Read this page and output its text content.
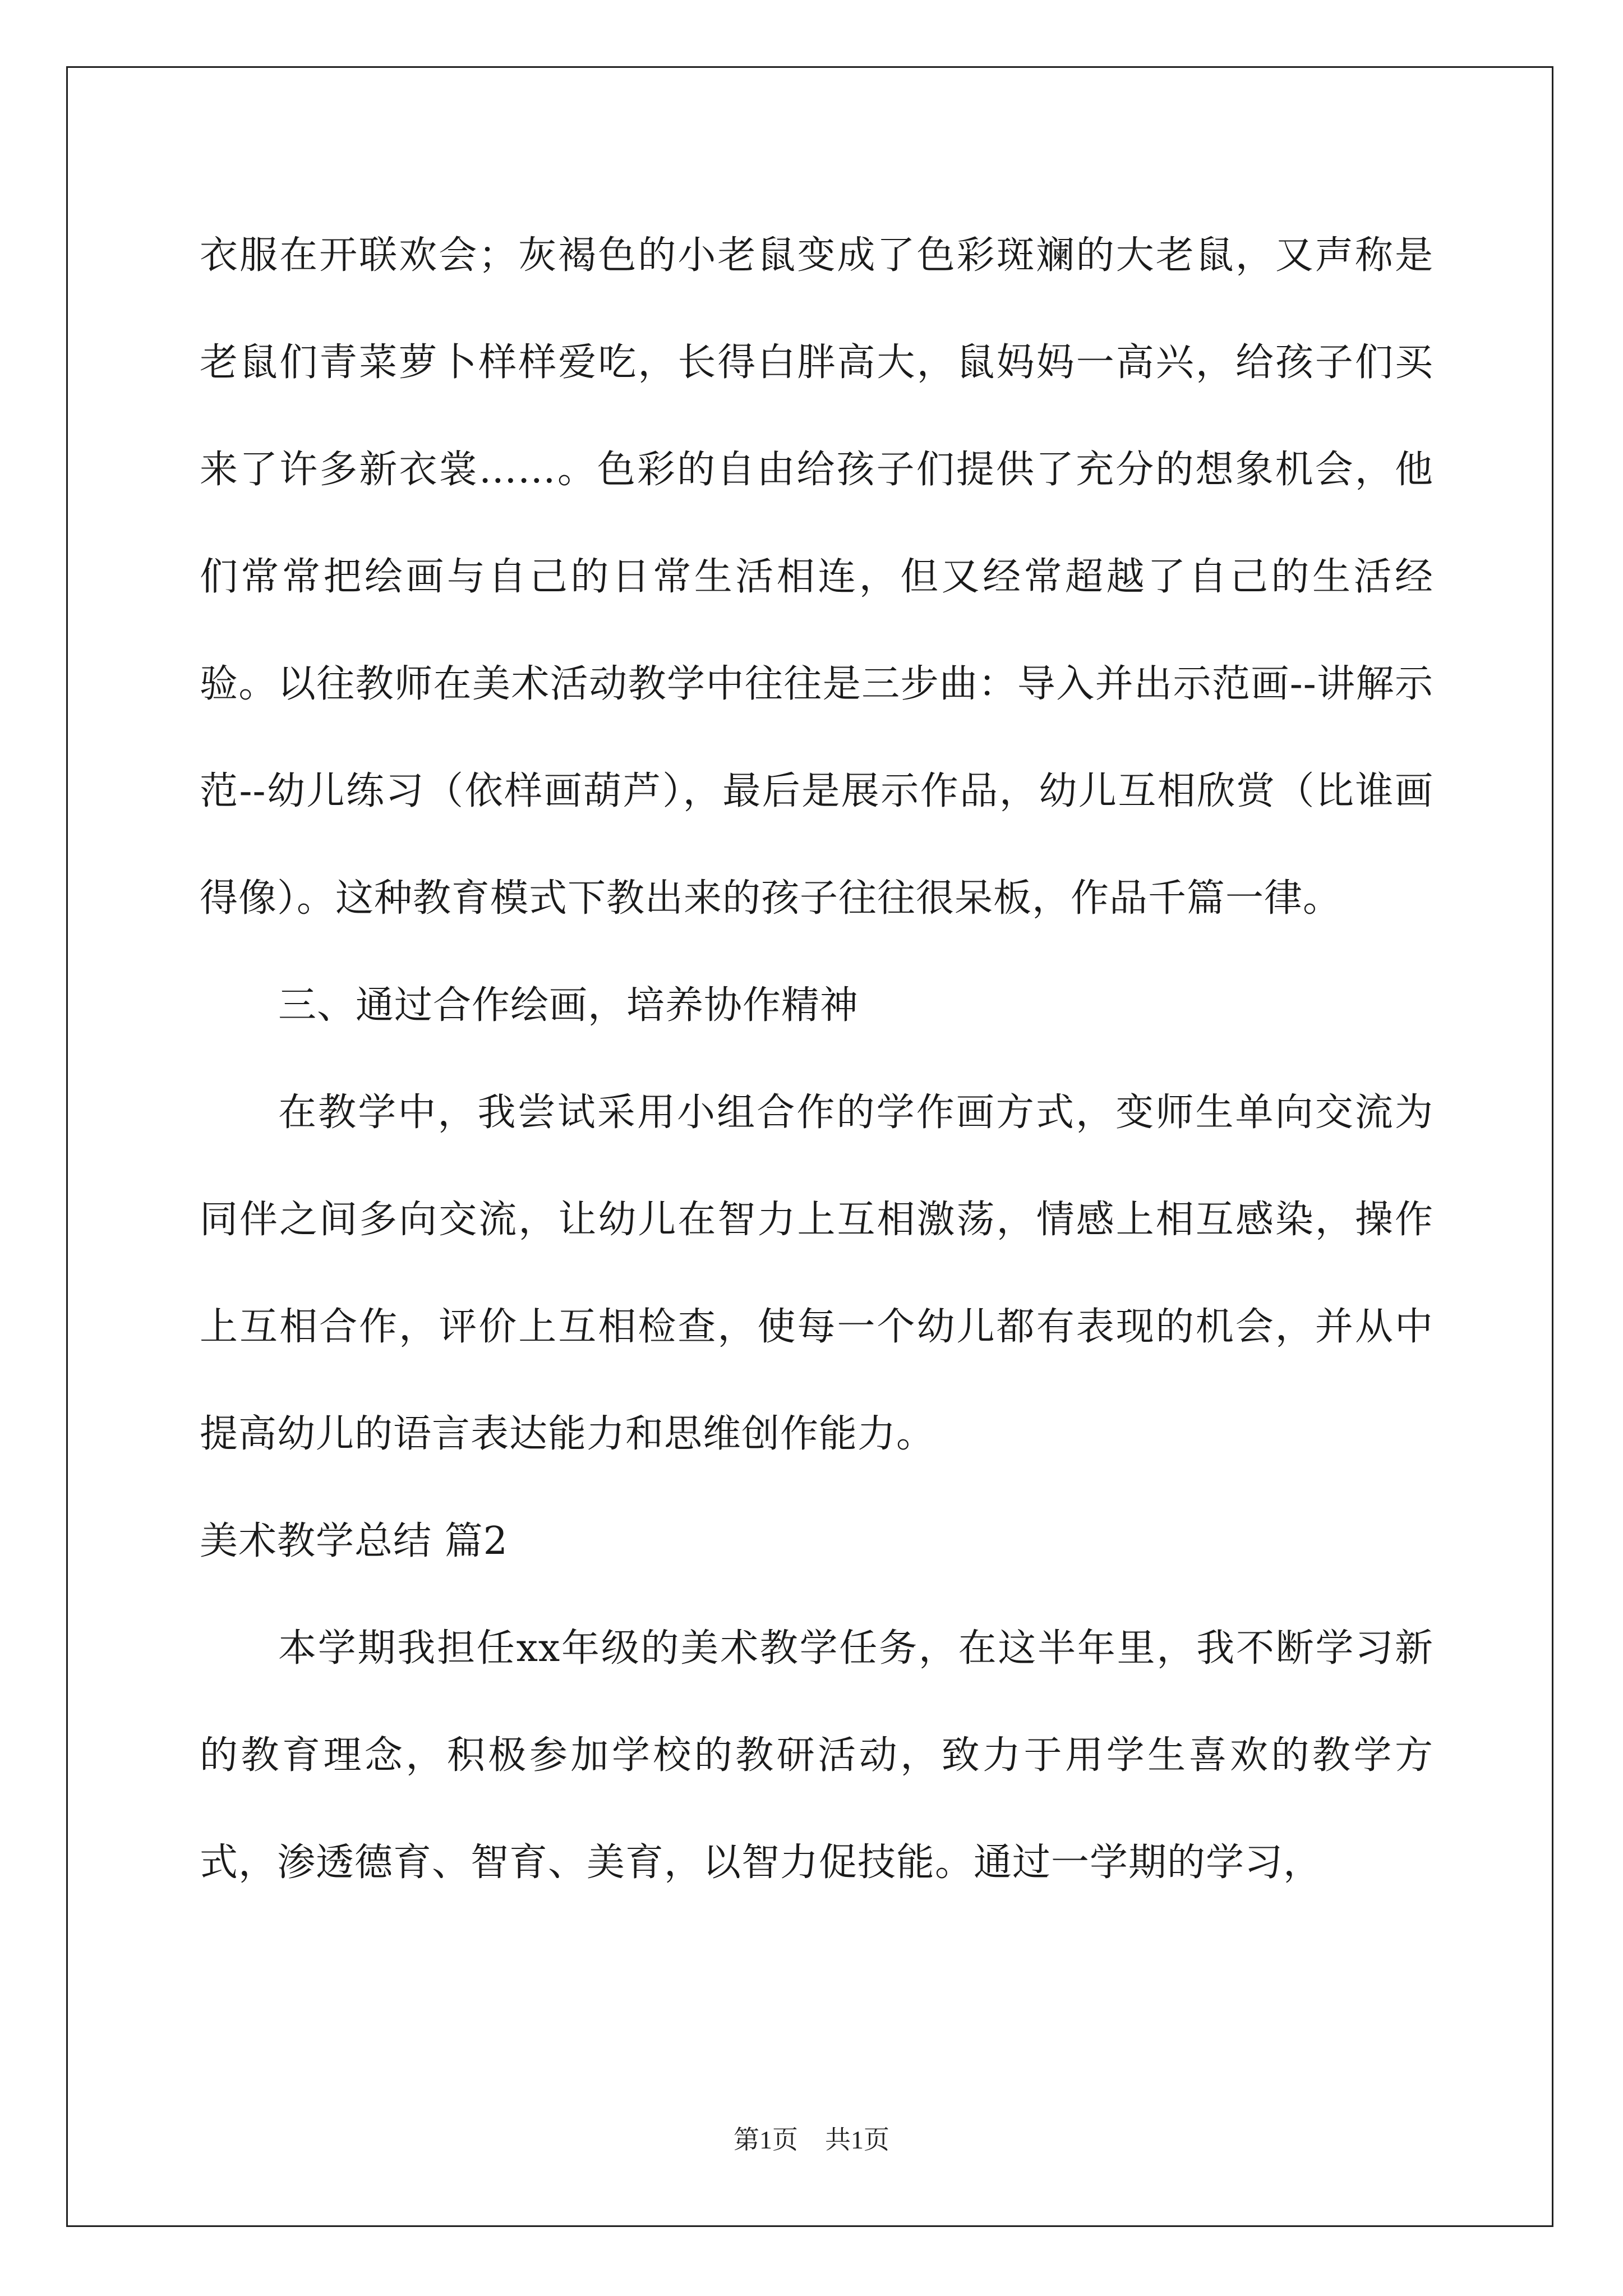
衣服在开联欢会；灰褐色的小老鼠变成了色彩斑斓的大老鼠，又声称是老鼠们青菜萝卜样样爱吃，长得白胖高大，鼠妈妈一高兴，给孩子们买来了许多新衣裳……。色彩的自由给孩子们提供了充分的想象机会，他们常常把绘画与自己的日常生活相连，但又经常超越了自己的生活经验。以往教师在美术活动教学中往往是三步曲：导入并出示范画--讲解示范--幼儿练习（依样画葫芦），最后是展示作品，幼儿互相欣赏（比谁画得像）。这种教育模式下教出来的孩子往往很呆板，作品千篇一律。

三、通过合作绘画，培养协作精神

在教学中，我尝试采用小组合作的学作画方式，变师生单向交流为同伴之间多向交流，让幼儿在智力上互相激荡，情感上相互感染，操作上互相合作，评价上互相检查，使每一个幼儿都有表现的机会，并从中提高幼儿的语言表达能力和思维创作能力。

美术教学总结 篇2

本学期我担任xx年级的美术教学任务，在这半年里，我不断学习新的教育理念，积极参加学校的教研活动，致力于用学生喜欢的教学方式，渗透德育、智育、美育，以智力促技能。通过一学期的学习，

第1页 共1页
